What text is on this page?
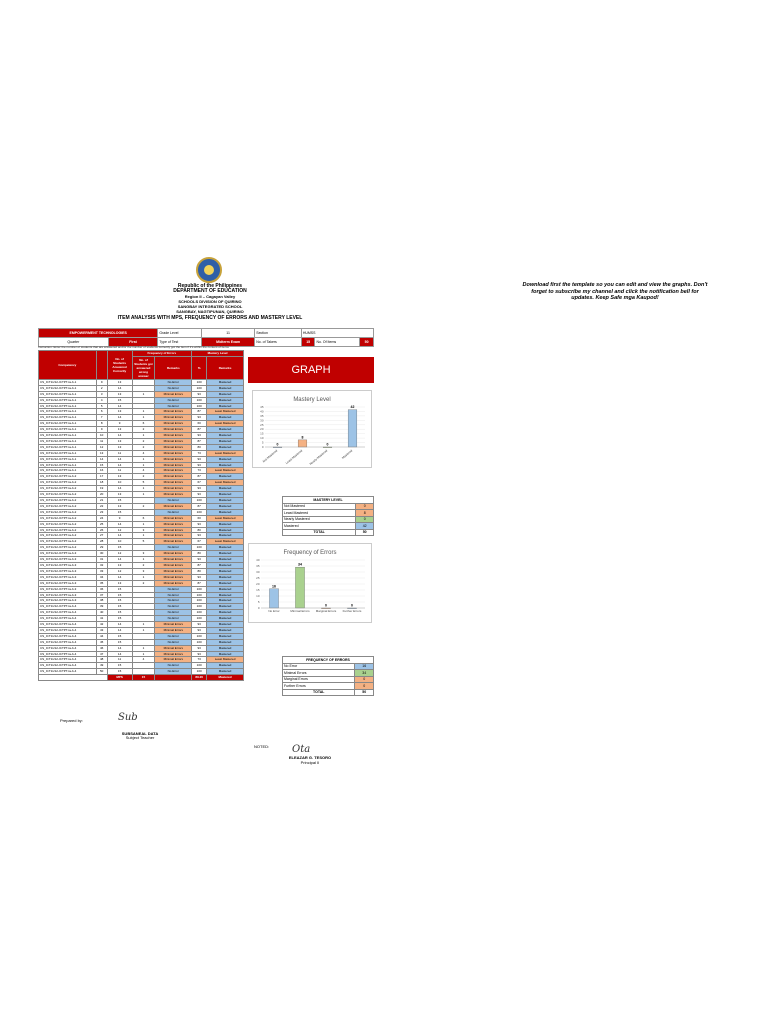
Republic of the Philippines
DEPARTMENT OF EDUCATION
Region II – Cagayan Valley
SCHOOLS DIVISION OF QUIRINO
SANGBAY INTEGRATED SCHOOL
SANGBAY, NAGTIPUNAN, QUIRINO
ITEM ANALYSIS WITH MPS, FREQUENCY OF ERRORS AND MASTERY LEVEL
Download first the template so you can edit and view the graphs. Don't forget to subscribe my channel and click the notification bell for updates. Keep Safe mga Kaupod!
EMPOWERMENT TECHNOLOGIES		Grade Level	11	Section	HUMSS		
Quarter	First	Type of Test	Midterm Exam	No. of Takers	15	No. Of Items	50
Instruction: Enter the number of students that are answered and/or the number of students correctly got the item if it's within the content of items
Competency		No. of Students Answered Correctly	Frequency of Errors		Mastery Level	
			No. of Students got answered wrong answer	Remarks	%	Remarks
CS_ICT11/12-ICTPT-Ia-b-1	9	13		No Error	100	Mastered
CS_ICT11/12-ICTPT-Ia-b-1	2	14		No Error	100	Mastered
CS_ICT11/12-ICTPT-Ia-b-1	3	13	1	Minimal Errors	93	Mastered
CS_ICT11/12-ICTPT-Ia-b-1	4	15		No Error	100	Mastered
CS_ICT11/12-ICTPT-Ia-b-1	5	14		No Error	100	Mastered
CS_ICT11/12-ICTPT-Ia-b-1	6	13	1	Minimal Errors	87	Least Mastered
CS_ICT11/12-ICTPT-Ia-b-1	7	14	1	Minimal Errors	93	Mastered
CS_ICT11/12-ICTPT-Ia-b-1	8	9	6	Minimal Errors	60	Least Mastered
CS_ICT11/12-ICTPT-Ia-b-1	9	13	2	Minimal Errors	87	Mastered
CS_ICT11/12-ICTPT-Ia-b-1	10	14	1	Minimal Errors	93	Mastered
CS_ICT11/12-ICTPT-Ia-b-1	11	13	2	Minimal Errors	87	Mastered
CS_ICT11/12-ICTPT-Ia-b-1	12	13	2	Minimal Errors	80	Mastered
CS_ICT11/12-ICTPT-Ia-b-1	13	11	4	Minimal Errors	73	Least Mastered
CS_ICT11/12-ICTPT-Ia-b-1	14	14	1	Minimal Errors	93	Mastered
CS_ICT11/12-ICTPT-Ia-b-1	15	14	1	Minimal Errors	93	Mastered
CS_ICT11/12-ICTPT-Ia-b-1	16	11	4	Minimal Errors	73	Least Mastered
CS_ICT11/12-ICTPT-Ia-b-2	17	13	2	Minimal Errors	87	Mastered
CS_ICT11/12-ICTPT-Ia-b-2	18	10	5	Minimal Errors	67	Least Mastered
CS_ICT11/12-ICTPT-Ia-b-2	19	14	1	Minimal Errors	93	Mastered
CS_ICT11/12-ICTPT-Ia-b-2	20	13	1	Minimal Errors	93	Mastered
CS_ICT11/12-ICTPT-Ia-b-2	21	15		No Error	100	Mastered
CS_ICT11/12-ICTPT-Ia-b-2	22	13	2	Minimal Errors	87	Mastered
CS_ICT11/12-ICTPT-Ia-b-2	23	15		No Error	100	Mastered
CS_ICT11/12-ICTPT-Ia-b-2	24	9	6	Minimal Errors	60	Least Mastered
CS_ICT11/12-ICTPT-Ia-b-2	25	14	1	Minimal Errors	93	Mastered
CS_ICT11/12-ICTPT-Ia-b-2	26	12	3	Minimal Errors	80	Mastered
CS_ICT11/12-ICTPT-Ia-b-2	27	14	1	Minimal Errors	93	Mastered
CS_ICT11/12-ICTPT-Ia-b-2	28	10	5	Minimal Errors	67	Least Mastered
CS_ICT11/12-ICTPT-Ia-b-2	29	15		No Error	100	Mastered
CS_ICT11/12-ICTPT-Ia-b-3	30	12	3	Minimal Errors	80	Mastered
CS_ICT11/12-ICTPT-Ia-b-3	31	14	1	Minimal Errors	93	Mastered
CS_ICT11/12-ICTPT-Ia-b-3	32	13	2	Minimal Errors	87	Mastered
CS_ICT11/12-ICTPT-Ia-b-3	33	12	3	Minimal Errors	80	Mastered
CS_ICT11/12-ICTPT-Ia-b-3	34	14	1	Minimal Errors	93	Mastered
CS_ICT11/12-ICTPT-Ia-b-3	35	13	2	Minimal Errors	87	Mastered
CS_ICT11/12-ICTPT-Ia-b-3	36	15		No Error	100	Mastered
CS_ICT11/12-ICTPT-Ia-b-3	37	15		No Error	100	Mastered
CS_ICT11/12-ICTPT-Ia-b-3	38	15		No Error	100	Mastered
CS_ICT11/12-ICTPT-Ia-b-4	39	15		No Error	100	Mastered
CS_ICT11/12-ICTPT-Ia-b-4	40	15		No Error	100	Mastered
CS_ICT11/12-ICTPT-Ia-b-4	41	15		No Error	100	Mastered
CS_ICT11/12-ICTPT-Ia-b-4	42	14	1	Minimal Errors	93	Mastered
CS_ICT11/12-ICTPT-Ia-b-4	43	14	1	Minimal Errors	93	Mastered
CS_ICT11/12-ICTPT-Ia-b-4	44	15		No Error	100	Mastered
CS_ICT11/12-ICTPT-Ia-b-4	45	15		No Error	100	Mastered
CS_ICT11/12-ICTPT-Ia-b-4	46	14	1	Minimal Errors	93	Mastered
CS_ICT11/12-ICTPT-Ia-b-4	47	14	1	Minimal Errors	93	Mastered
CS_ICT11/12-ICTPT-Ia-b-4	48	11	4	Minimal Errors	73	Least Mastered
CS_ICT11/12-ICTPT-Ia-b-4	49	15		No Error	100	Mastered
CS_ICT11/12-ICTPT-Ia-b-4	50	15		No Error	100	Mastered
		MPS	15		89.20	Mastered
GRAPH
Mastery Level
0
5
10
15
20
25
30
35
40
45
0
Not Mastered
8
Least Mastered
0
Nearly Mastered
42
Mastered
Frequency of Errors
0
5
10
15
20
25
30
35
40
16
No Error
34
Minimal Errors
0
Marginal Errors
0
Further Errors
MASTERY LEVEL	
Not Mastered	0
Least Mastered	8
Nearly Mastered	0
Mastered	42
TOTAL	50
FREQUENCY OF ERRORS	
No Error	16
Minimal Errors	34
Marginal Errors	0
Further Errors	0
TOTAL	50
Prepared by:	Sub
SUBSANEAL DATA
Subject Teacher
NOTED: Ota
ELEAZAR G. TESORO
Principal II
